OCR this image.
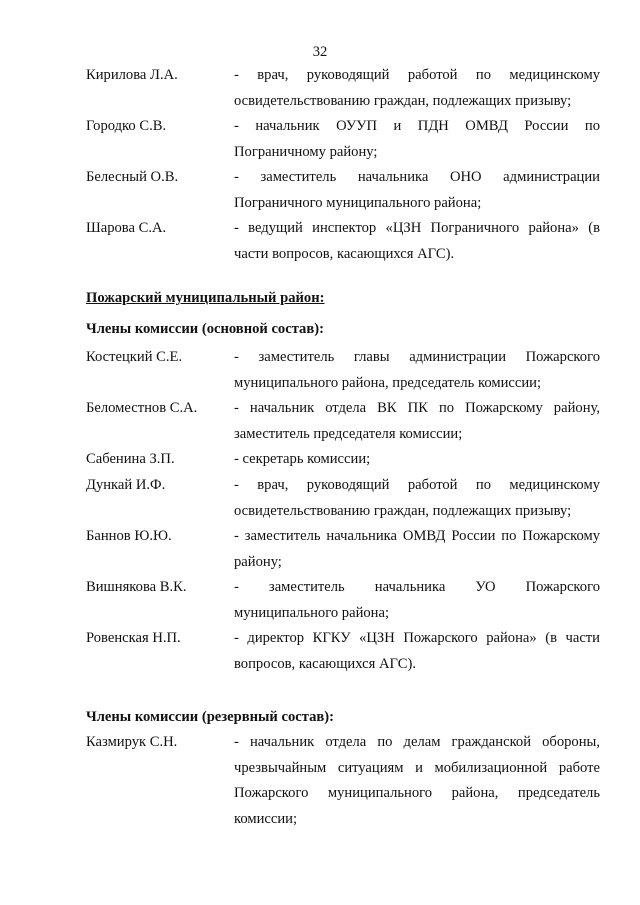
32
Кирилова Л.А.	- врач, руководящий работой по медицинскому освидетельствованию граждан, подлежащих призыву;
Городко С.В.	- начальник ОУУП и ПДН ОМВД России по Пограничному району;
Белесный О.В.	- заместитель начальника ОНО администрации Пограничного муниципального района;
Шарова С.А.	- ведущий инспектор «ЦЗН Пограничного района» (в части вопросов, касающихся АГС).
Пожарский муниципальный район:
Члены комиссии (основной состав):
Костецкий С.Е.	- заместитель главы администрации Пожарского муниципального района, председатель комиссии;
Беломестнов С.А.	- начальник отдела ВК ПК по Пожарскому району, заместитель председателя комиссии;
Сабенина З.П.	- секретарь комиссии;
Дункай И.Ф.	- врач, руководящий работой по медицинскому освидетельствованию граждан, подлежащих призыву;
Баннов Ю.Ю.	- заместитель начальника ОМВД России по Пожарскому району;
Вишнякова В.К.	- заместитель начальника УО Пожарского муниципального района;
Ровенская Н.П.	- директор КГКУ «ЦЗН Пожарского района» (в части вопросов, касающихся АГС).
Члены комиссии (резервный состав):
Казмирук С.Н.	- начальник отдела по делам гражданской обороны, чрезвычайным ситуациям и мобилизационной работе Пожарского муниципального района, председатель комиссии;
